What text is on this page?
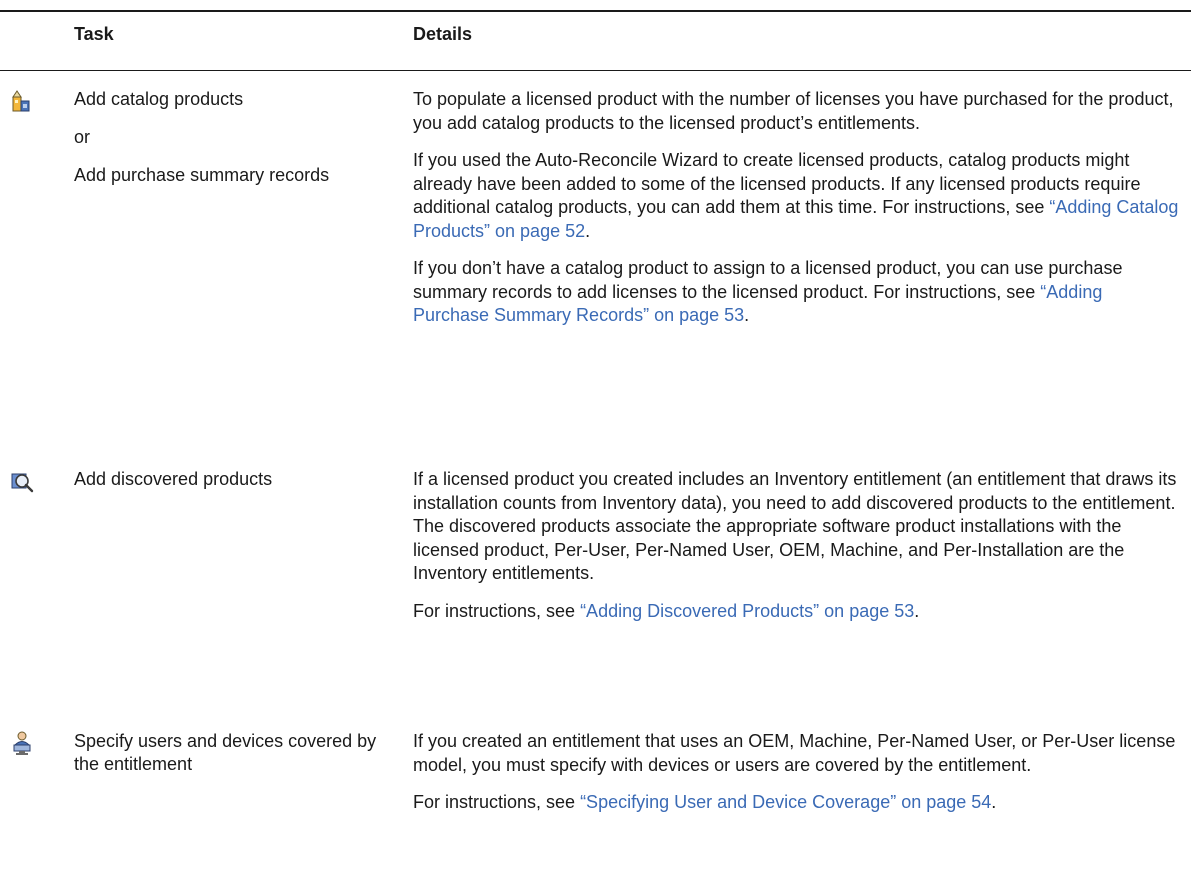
Task	Details

Add catalog products

or

Add purchase summary records

To populate a licensed product with the number of licenses you have purchased for the product, you add catalog products to the licensed product’s entitlements.

If you used the Auto-Reconcile Wizard to create licensed products, catalog products might already have been added to some of the licensed products. If any licensed products require additional catalog products, you can add them at this time. For instructions, see “Adding Catalog Products” on page 52.

If you don’t have a catalog product to assign to a licensed product, you can use purchase summary records to add licenses to the licensed product. For instructions, see “Adding Purchase Summary Records” on page 53.

Add discovered products	If a licensed product you created includes an Inventory entitlement (an entitlement that draws its installation counts from Inventory data), you need to add discovered products to the entitlement. The discovered products associate the appropriate software product installations with the licensed product, Per-User, Per-Named User, OEM, Machine, and Per-Installation are the Inventory entitlements.

For instructions, see “Adding Discovered Products” on page 53.

Specify users and devices covered by the entitlement

If you created an entitlement that uses an OEM, Machine, Per-Named User, or Per-User license model, you must specify with devices or users are covered by the entitlement.

For instructions, see “Specifying User and Device Coverage” on page 54.
